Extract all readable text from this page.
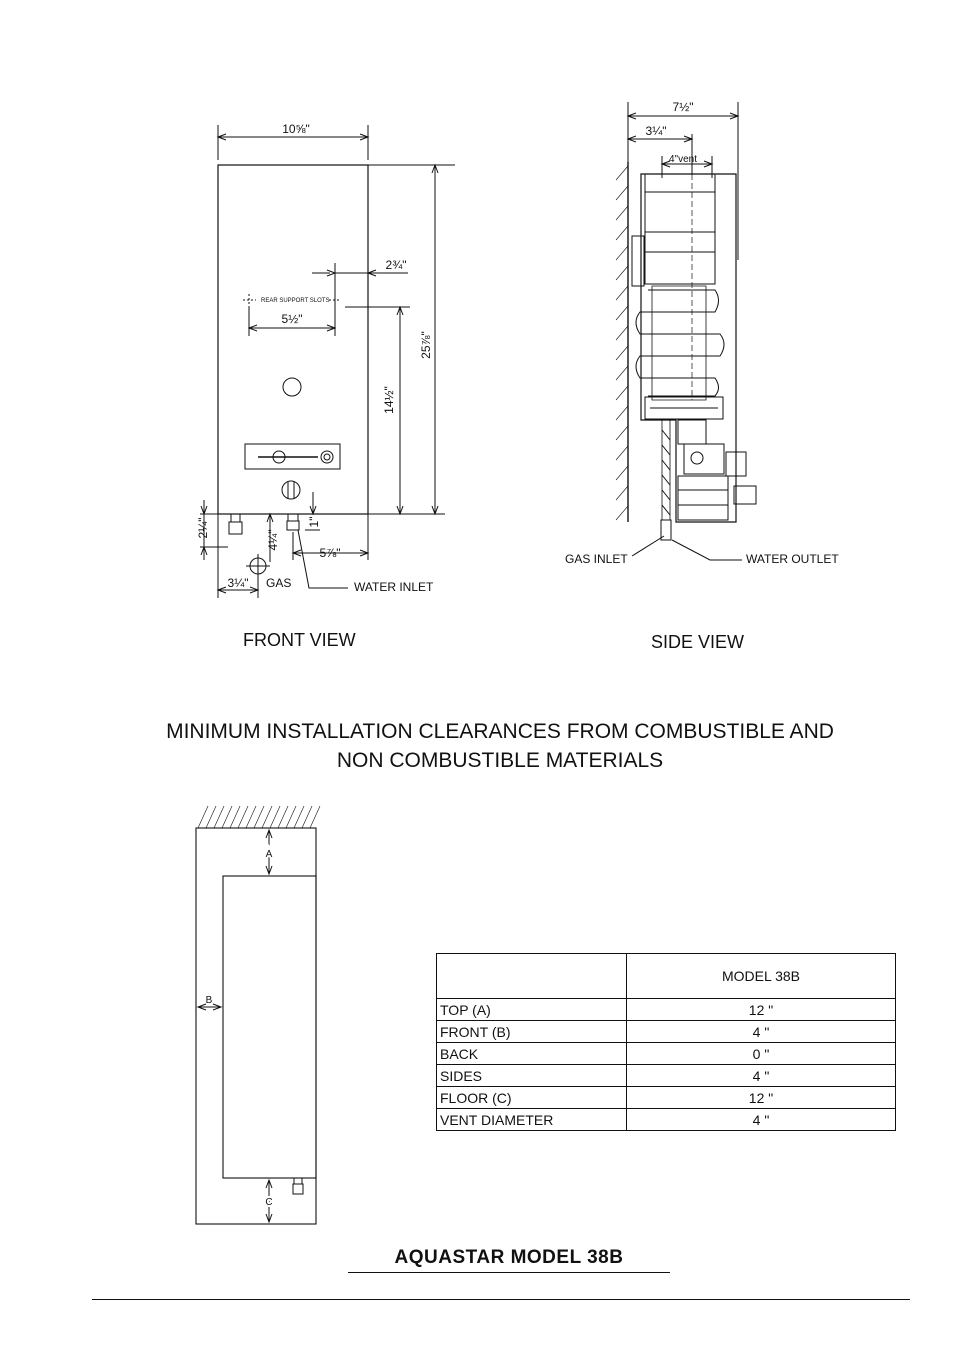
10⅝"
25⅞"
2¾"
REAR SUPPORT SLOTS
5½"
14½"
2¼"
4¼"
GAS
1"
5⅞"
WATER INLET
3¼"
7½"
3¼"
4"vent
GAS INLET	WATER OUTLET
FRONT VIEW	SIDE VIEW
MINIMUM INSTALLATION CLEARANCES FROM COMBUSTIBLE AND
NON COMBUSTIBLE MATERIALS
A
B
C
	MODEL 38B
TOP (A)	12 "
FRONT (B)	4 "
BACK	0 "
SIDES	4 "
FLOOR (C)	12 "
VENT DIAMETER	4 "
AQUASTAR MODEL 38B
